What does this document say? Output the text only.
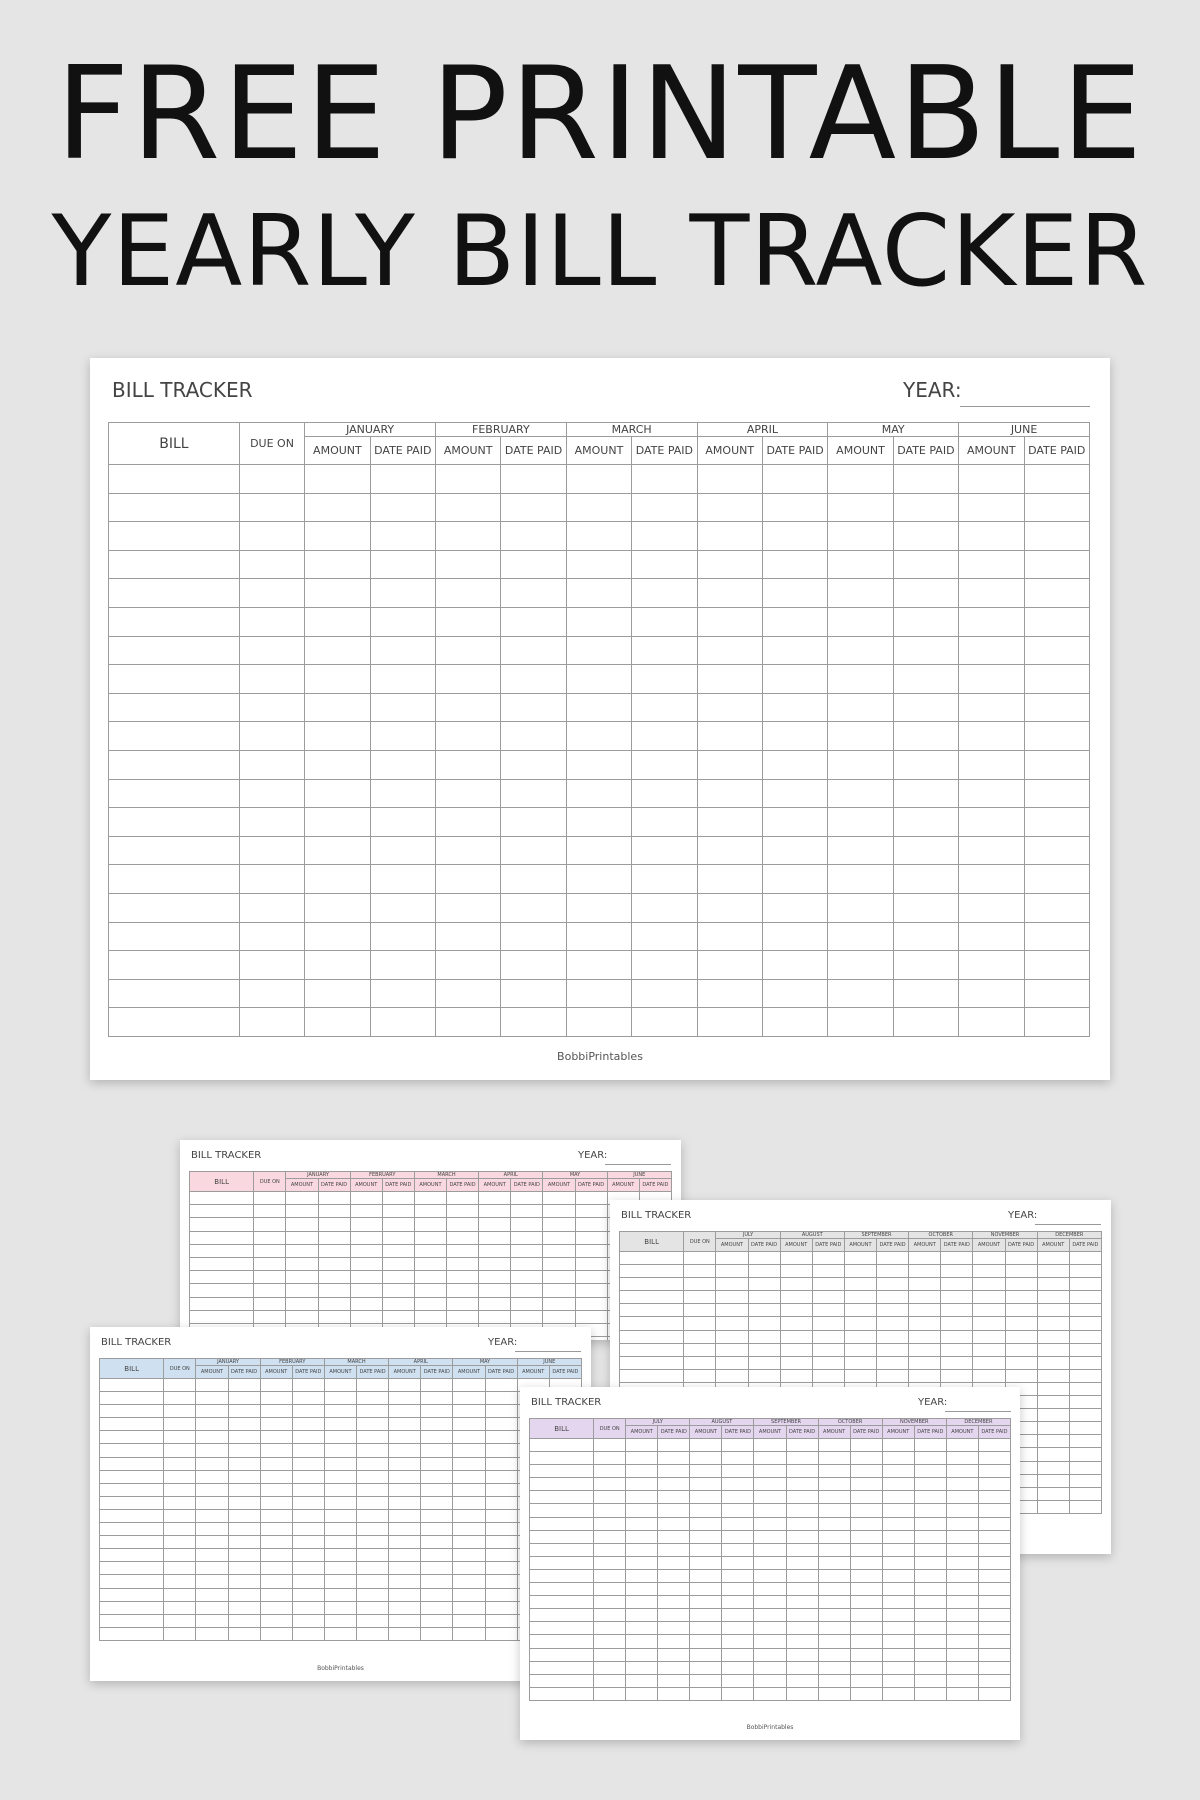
FREE PRINTABLE
YEARLY BILL TRACKER
BILL TRACKER	YEAR:
BILL	DUE ON	JANUARY		FEBRUARY		MARCH		APRIL		MAY		JUNE	
		AMOUNT	DATE PAID	AMOUNT	DATE PAID	AMOUNT	DATE PAID	AMOUNT	DATE PAID	AMOUNT	DATE PAID	AMOUNT	DATE PAID

BobbiPrintables
BILL TRACKER	YEAR:
BILL	DUE ON	JANUARY		FEBRUARY		MARCH		APRIL		MAY		JUNE	
		AMOUNT	DATE PAID	AMOUNT	DATE PAID	AMOUNT	DATE PAID	AMOUNT	DATE PAID	AMOUNT	DATE PAID	AMOUNT	DATE PAID

BILL TRACKER	YEAR:
BILL	DUE ON	JULY		AUGUST		SEPTEMBER		OCTOBER		NOVEMBER		DECEMBER	
		AMOUNT	DATE PAID	AMOUNT	DATE PAID	AMOUNT	DATE PAID	AMOUNT	DATE PAID	AMOUNT	DATE PAID	AMOUNT	DATE PAID

BILL TRACKER	YEAR:
BILL	DUE ON	JANUARY		FEBRUARY		MARCH		APRIL		MAY		JUNE	
		AMOUNT	DATE PAID	AMOUNT	DATE PAID	AMOUNT	DATE PAID	AMOUNT	DATE PAID	AMOUNT	DATE PAID	AMOUNT	DATE PAID

BobbiPrintables
BILL TRACKER	YEAR:
BILL	DUE ON	JULY		AUGUST		SEPTEMBER		OCTOBER		NOVEMBER		DECEMBER	
		AMOUNT	DATE PAID	AMOUNT	DATE PAID	AMOUNT	DATE PAID	AMOUNT	DATE PAID	AMOUNT	DATE PAID	AMOUNT	DATE PAID

BobbiPrintables
